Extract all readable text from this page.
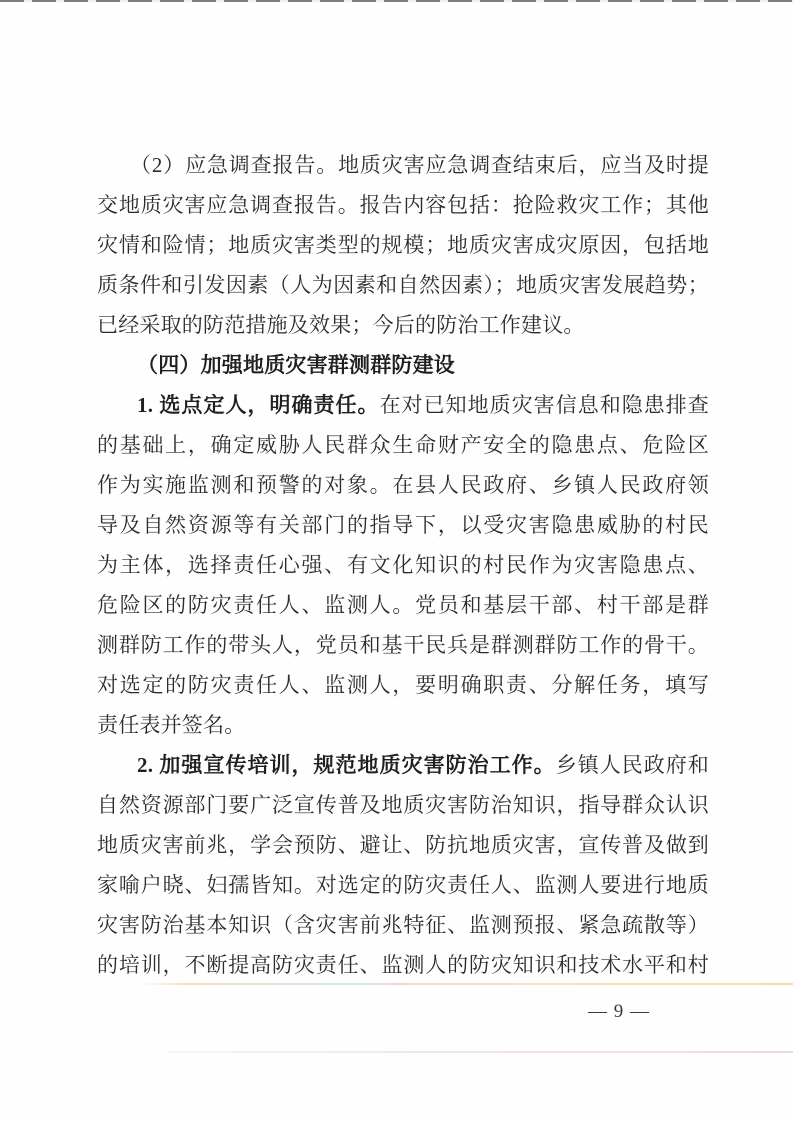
（2）应急调查报告。地质灾害应急调查结束后，应当及时提
交地质灾害应急调查报告。报告内容包括：抢险救灾工作；其他
灾情和险情；地质灾害类型的规模；地质灾害成灾原因，包括地
质条件和引发因素（人为因素和自然因素）；地质灾害发展趋势；
已经采取的防范措施及效果；今后的防治工作建议。
（四）加强地质灾害群测群防建设
1. 选点定人，明确责任。在对已知地质灾害信息和隐患排查
的基础上，确定威胁人民群众生命财产安全的隐患点、危险区
作为实施监测和预警的对象。在县人民政府、乡镇人民政府领
导及自然资源等有关部门的指导下，以受灾害隐患威胁的村民
为主体，选择责任心强、有文化知识的村民作为灾害隐患点、
危险区的防灾责任人、监测人。党员和基层干部、村干部是群
测群防工作的带头人，党员和基干民兵是群测群防工作的骨干。
对选定的防灾责任人、监测人，要明确职责、分解任务，填写
责任表并签名。
2. 加强宣传培训，规范地质灾害防治工作。乡镇人民政府和
自然资源部门要广泛宣传普及地质灾害防治知识，指导群众认识
地质灾害前兆，学会预防、避让、防抗地质灾害，宣传普及做到
家喻户晓、妇孺皆知。对选定的防灾责任人、监测人要进行地质
灾害防治基本知识（含灾害前兆特征、监测预报、紧急疏散等）
的培训，不断提高防灾责任、监测人的防灾知识和技术水平和村
— 9 —
